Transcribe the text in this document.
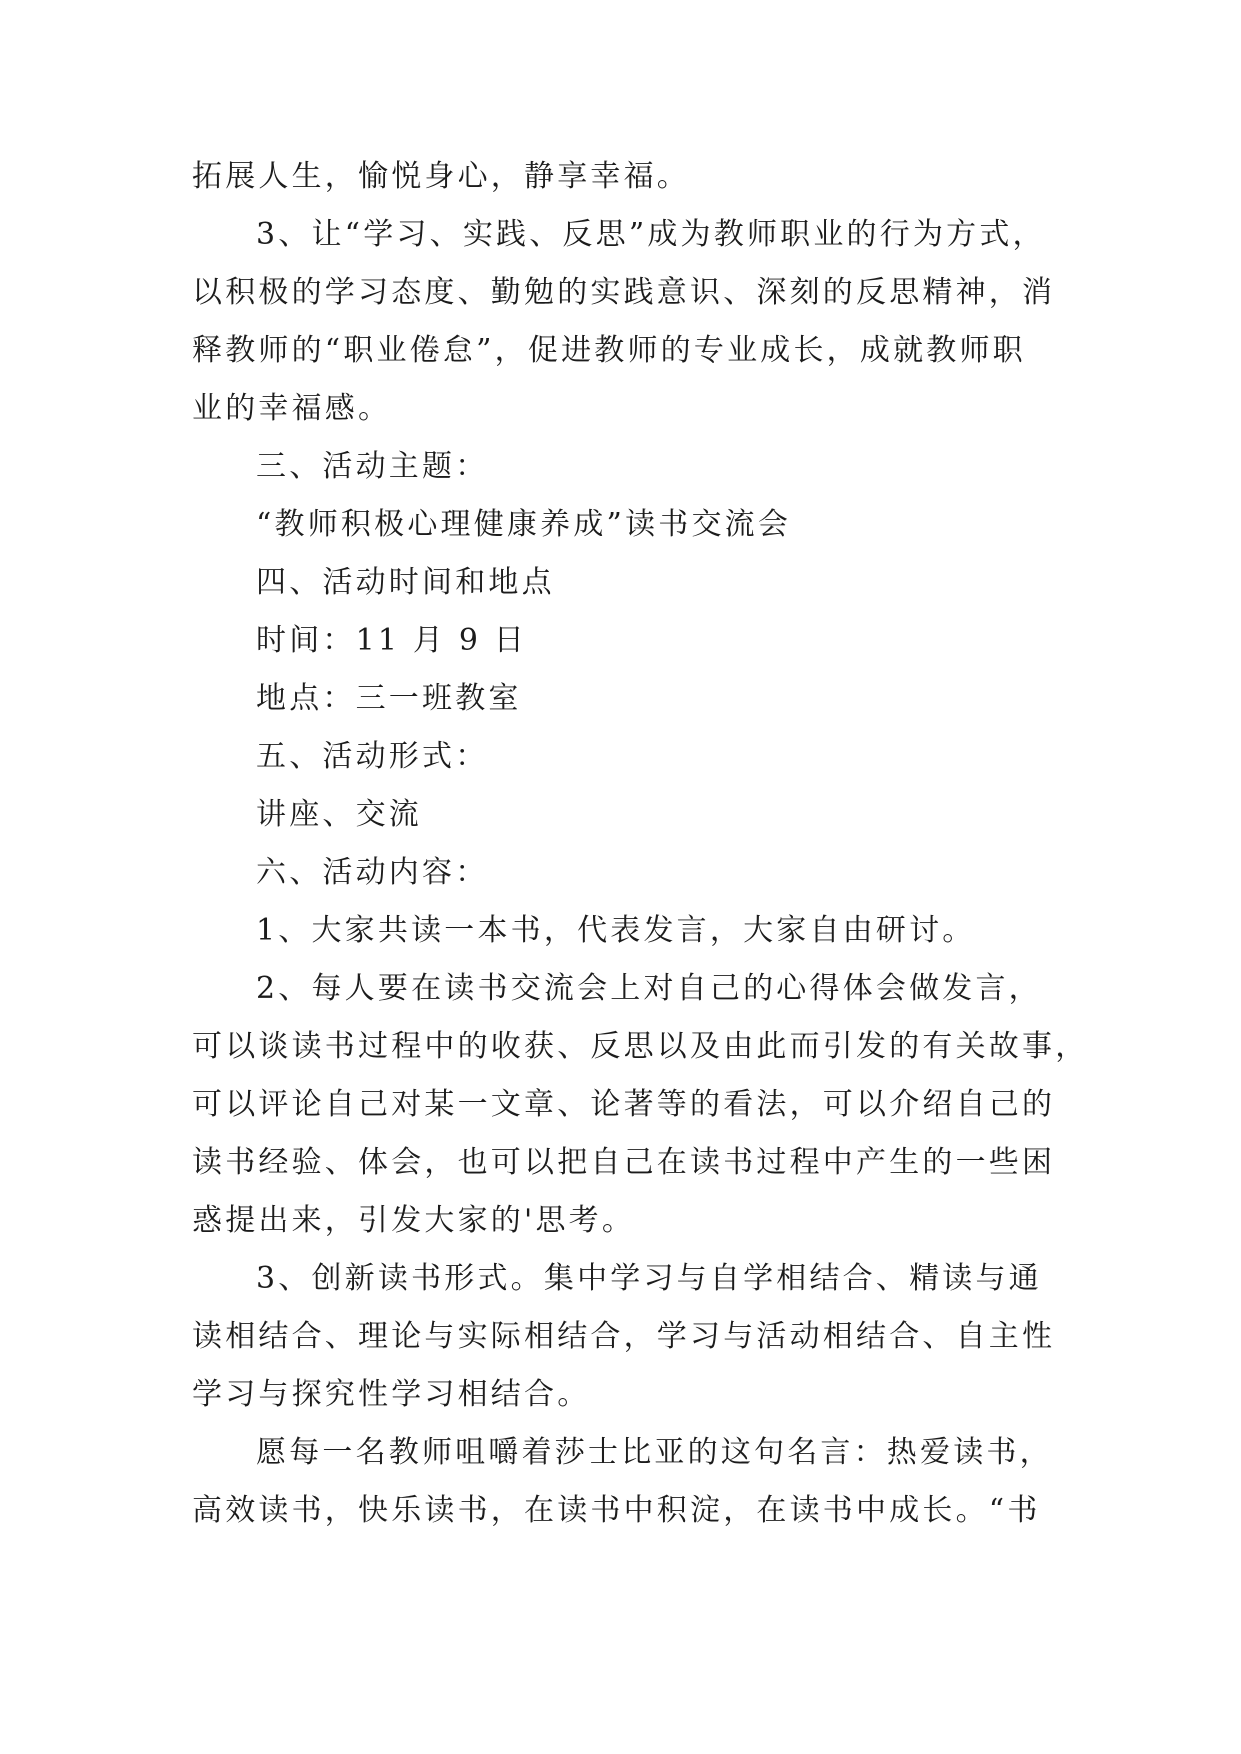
拓展人生，愉悦身心，静享幸福。
3、让“学习、实践、反思”成为教师职业的行为方式，
以积极的学习态度、勤勉的实践意识、深刻的反思精神，消
释教师的“职业倦怠”，促进教师的专业成长，成就教师职
业的幸福感。
三、活动主题：
“教师积极心理健康养成”读书交流会
四、活动时间和地点
时间：11 月 9 日
地点：三一班教室
五、活动形式：
讲座、交流
六、活动内容：
1、大家共读一本书，代表发言，大家自由研讨。
2、每人要在读书交流会上对自己的心得体会做发言，
可以谈读书过程中的收获、反思以及由此而引发的有关故事，
可以评论自己对某一文章、论著等的看法，可以介绍自己的
读书经验、体会，也可以把自己在读书过程中产生的一些困
惑提出来，引发大家的'思考。
3、创新读书形式。集中学习与自学相结合、精读与通
读相结合、理论与实际相结合，学习与活动相结合、自主性
学习与探究性学习相结合。
愿每一名教师咀嚼着莎士比亚的这句名言：热爱读书，
高效读书，快乐读书，在读书中积淀，在读书中成长。“书
